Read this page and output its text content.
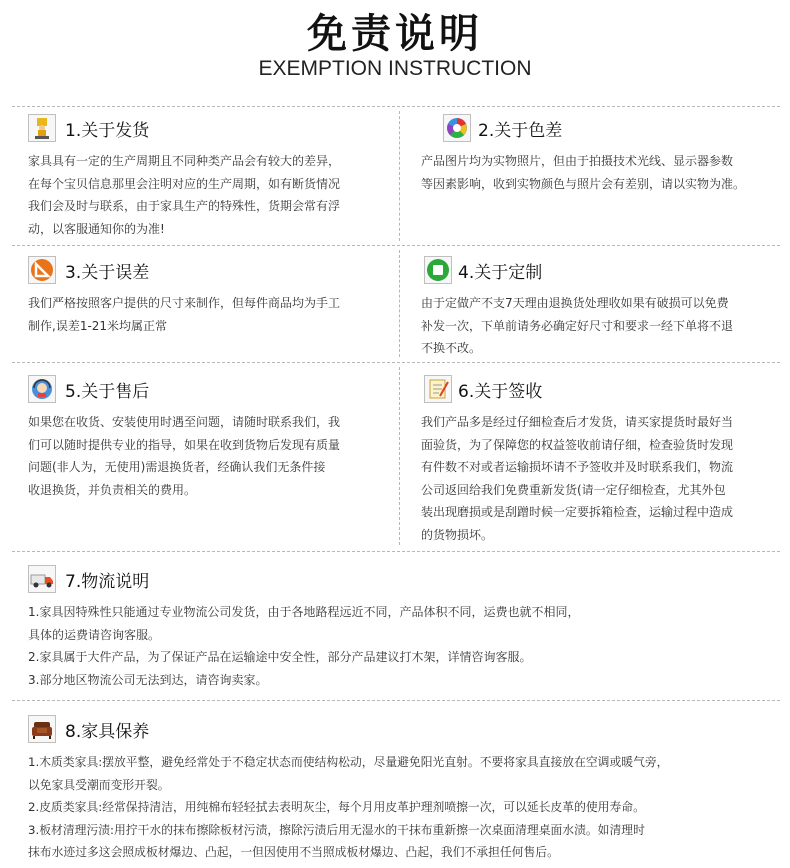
免责说明
EXEMPTION INSTRUCTION
1.关于发货
家具具有一定的生产周期且不同种类产品会有较大的差异，
在每个宝贝信息那里会注明对应的生产周期，如有断货情况
我们会及时与联系，由于家具生产的特殊性，货期会常有浮
动，以客服通知你的为准!
2.关于色差
产品图片均为实物照片，但由于拍摄技术光线、显示器参数
等因素影响，收到实物颜色与照片会有差别，请以实物为准。
3.关于误差
我们严格按照客户提供的尺寸来制作，但每件商品均为手工
制作,误差1-21米均属正常
4.关于定制
由于定做产不支7天理由退换货处理收如果有破损可以免费
补发一次，下单前请务必确定好尺寸和要求一经下单将不退
不换不改。
5.关于售后
如果您在收货、安装使用时遇至问题，请随时联系我们，我
们可以随时提供专业的指导，如果在收到货物后发现有质量
问题(非人为，无使用)需退换货者，经确认我们无条件接
收退换货，并负责相关的费用。
6.关于签收
我们产品多是经过仔細检查后才发货，请买家提货时最好当
面验货，为了保障您的权益签收前请仔细，检查验货时发现
有件数不对或者运输损坏请不予签收并及时联系我们，物流
公司返回给我们免费重新发货(请一定仔细检查，尤其外包
装出现磨损或是刮蹭时候一定要拆箱检查，运输过程中造成
的货物损坏。
7.物流说明
1.家具因特殊性只能通过专业物流公司发货，由于各地路程远近不同，产品体积不同，运费也就不相同，
具体的运费请咨询客服。
2.家具属于大件产品，为了保证产品在运输途中安全性，部分产品建议打木架，详情咨询客服。
3.部分地区物流公司无法到达，请咨询卖家。
8.家具保养
1.木质类家具:摆放平整，避免经常处于不稳定状态而使结构松动，尽量避免阳光直射。不要将家具直接放在空调或暖气旁，
以免家具受潮而变形开裂。
2.皮质类家具:经常保持清洁，用纯棉布轻轻拭去表明灰尘，每个月用皮革护理剂喷擦一次，可以延长皮革的使用寿命。
3.板材清理污渍:用拧干水的抹布擦除板材污渍，擦除污渍后用无湿水的干抹布重新擦一次桌面清理桌面水渍。如清理时
抹布水迹过多这会照成板材爆边、凸起，一但因使用不当照成板材爆边、凸起，我们不承担任何售后。
